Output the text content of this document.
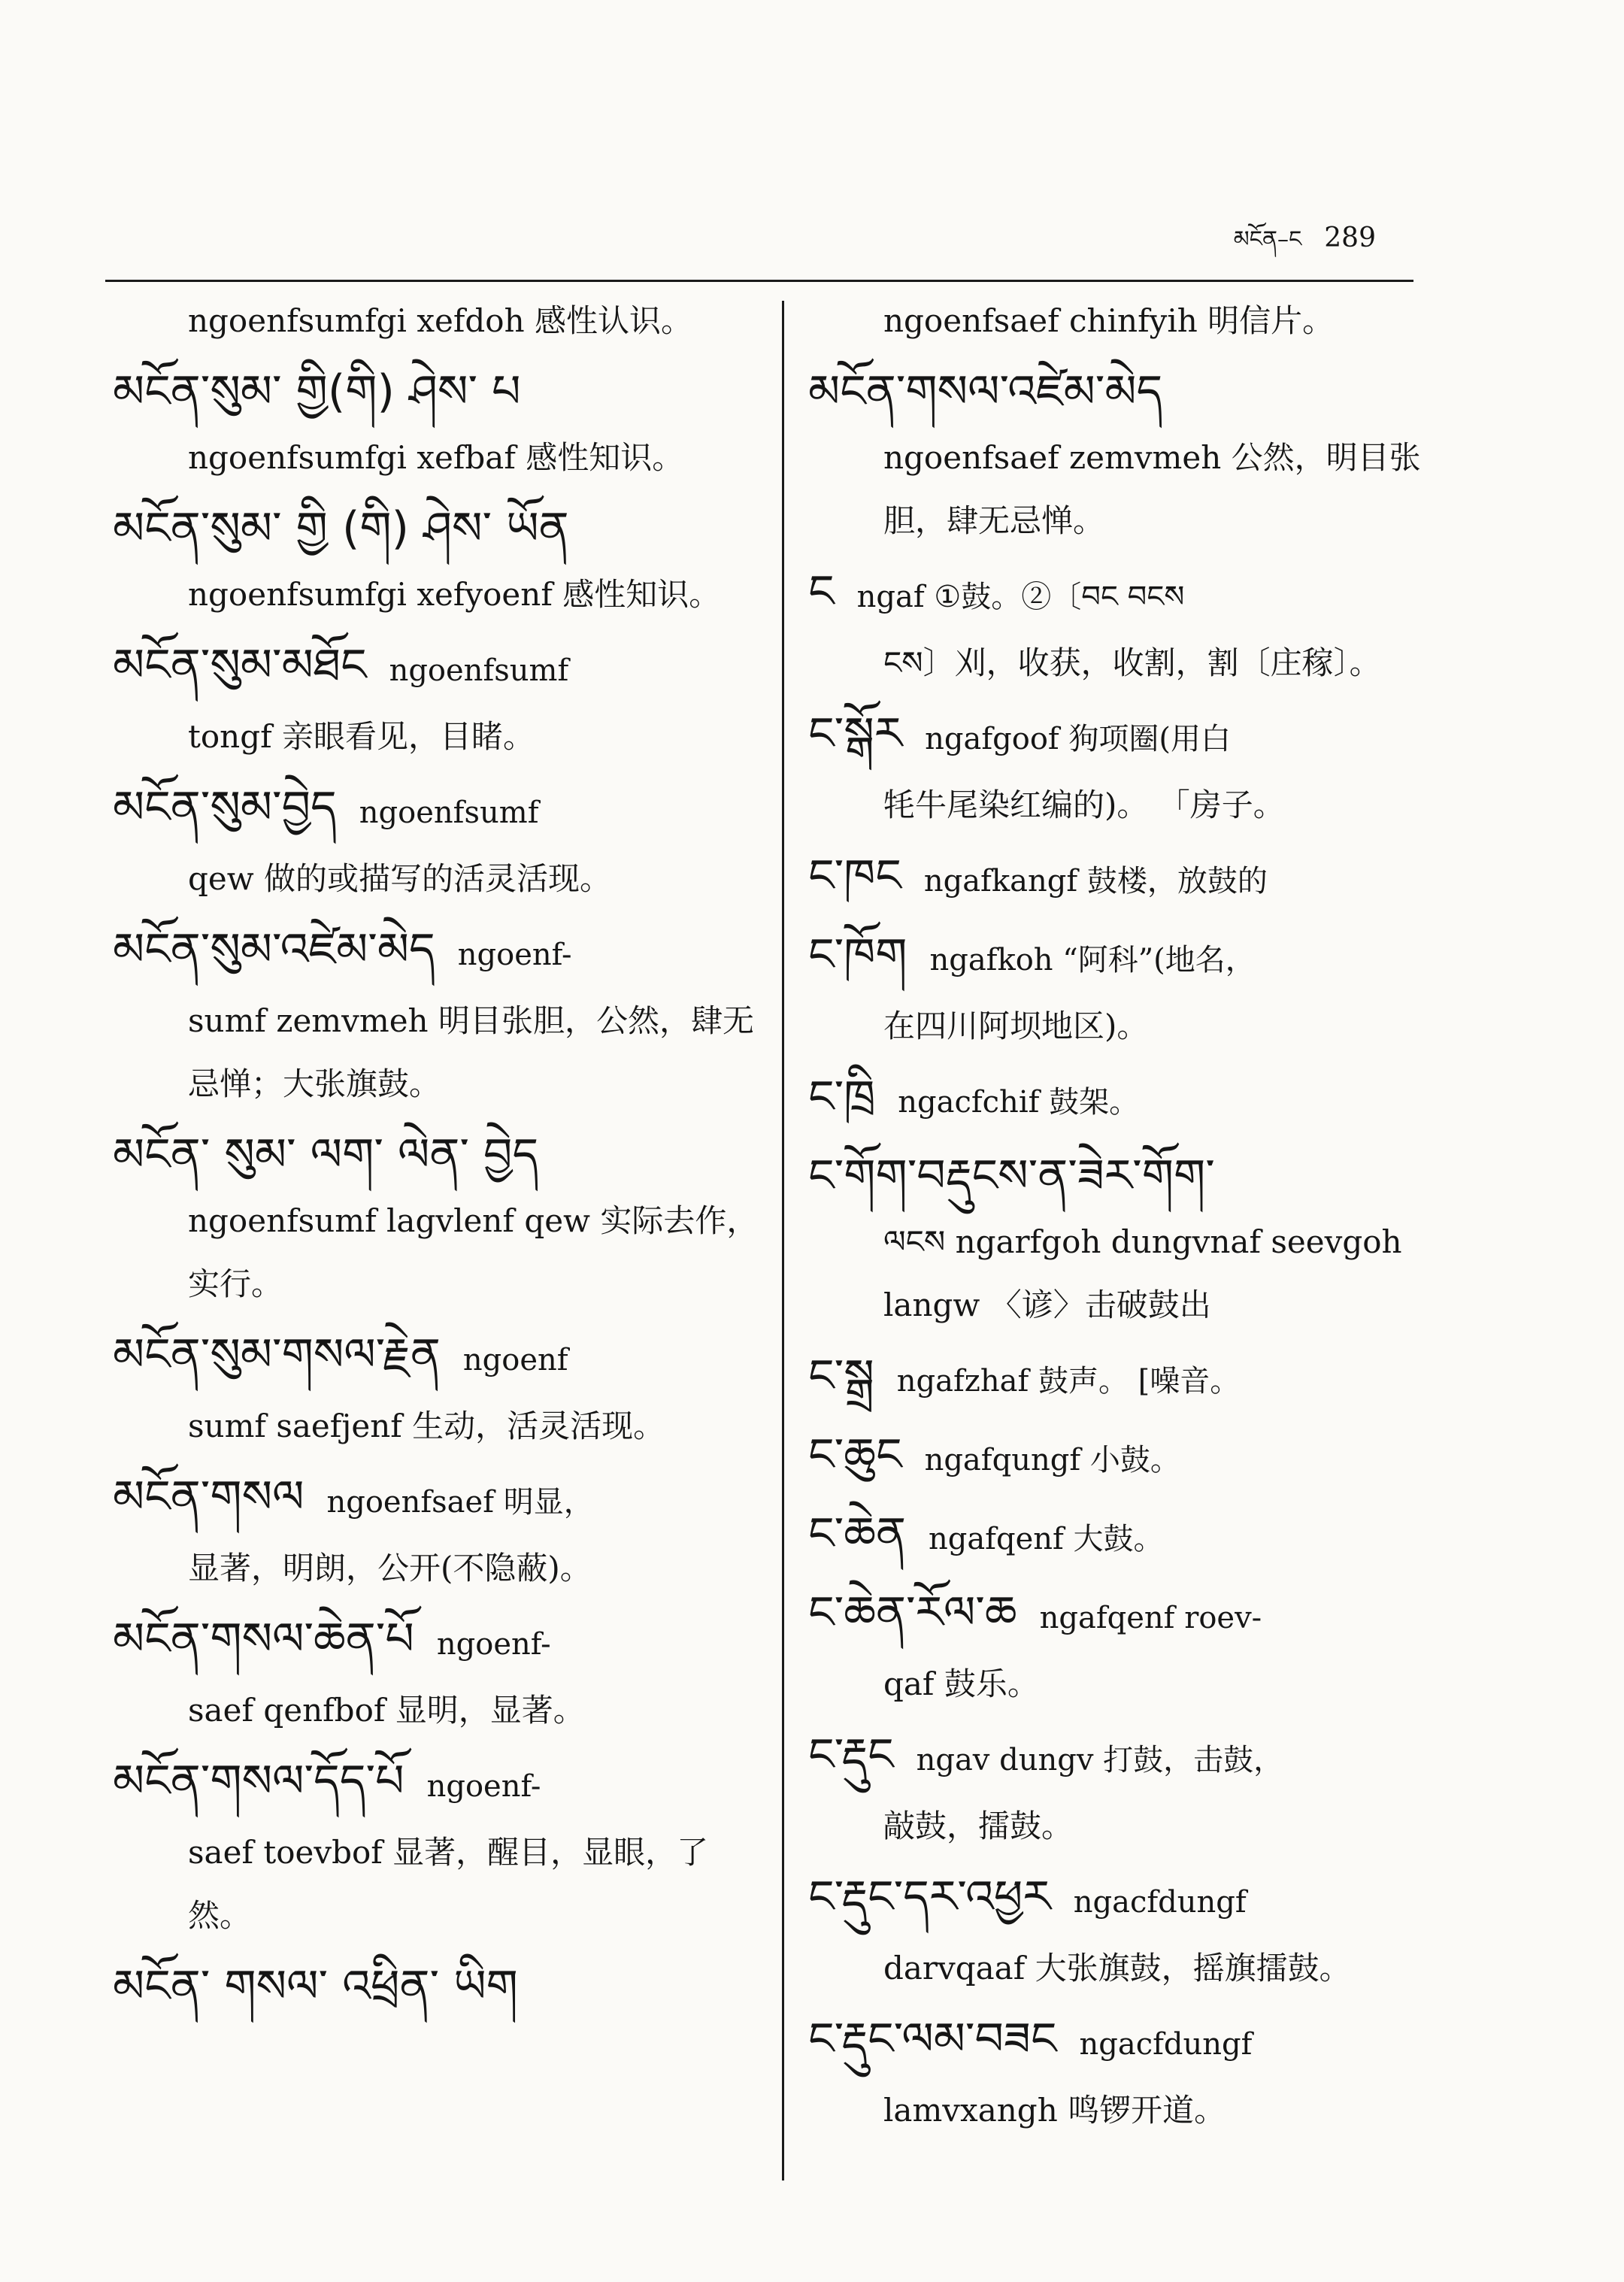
མངོན–ང 289
ngoenfsumfgi xefdoh 感性认识。
མངོན་སུམ་ གྱི(གི) ཤེས་ པ
ngoenfsumfgi xefbaf 感性知识。
མངོན་སུམ་ གྱི (གི) ཤེས་ ཡོན
ngoenfsumfgi xefyoenf 感性知识。
མངོན་སུམ་མཐོང ngoenfsumf
tongf 亲眼看见，目睹。
མངོན་སུམ་བྱེད ngoenfsumf
qew 做的或描写的活灵活现。
མངོན་སུམ་འཛེམ་མེད ngoenf-
sumf zemvmeh 明目张胆，公然，肆无忌惮；大张旗鼓。
མངོན་ སུམ་ ལག་ ལེན་ བྱེད
ngoenfsumf lagvlenf qew 实际去作，实行。
མངོན་སུམ་གསལ་རྗེན ngoenf
sumf saefjenf 生动，活灵活现。
མངོན་གསལ ngoenfsaef 明显，
显著，明朗，公开(不隐蔽)。
མངོན་གསལ་ཆེན་པོ ngoenf-
saef qenfbof 显明，显著。
མངོན་གསལ་དོད་པོ ngoenf-
saef toevbof 显著，醒目，显眼，了然。
མངོན་ གསལ་ འཕྲིན་ ཡིག
ngoenfsaef chinfyih 明信片。
མངོན་གསལ་འཛེམ་མེད
ngoenfsaef zemvmeh 公然，明目张胆，肆无忌惮。
ངngaf ①鼓。②〔བང བངས
ངས〕刈，收获，收割，割〔庄稼〕。
ང་སྒོར ngafgoof 狗项圈(用白
牦牛尾染红编的)。 「房子。
ང་ཁང ngafkangf 鼓楼，放鼓的
ང་ཁོག ngafkoh “阿科”(地名，
在四川阿坝地区)。
ང་ཁྲི ngacfchif 鼓架。
ང་གོག་བརྡུངས་ན་ཟེར་གོག་
ལངས ngarfgoh dungvnaf seevgoh langw 〈谚〉击破鼓出
ང་སྒྲ ngafzhaf 鼓声。 [噪音。
ང་ཆུང ngafqungf 小鼓。
ང་ཆེན ngafqenf 大鼓。
ང་ཆེན་རོལ་ཆ ngafqenf roev-
qaf 鼓乐。
ང་རྡུང ngav dungv 打鼓，击鼓，
敲鼓，擂鼓。
ང་རྡུང་དར་འཕྱར ngacfdungf
darvqaaf 大张旗鼓，摇旗擂鼓。
ང་རྡུང་ལམ་བཟང ngacfdungf
lamvxangh 鸣锣开道。
